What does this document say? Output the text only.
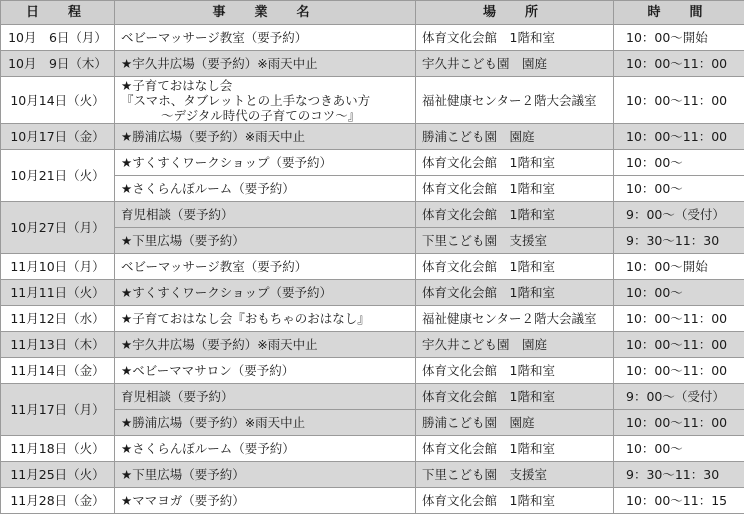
日　程	事　業　名	場　所	時　間
10月　6日（月）	ベビーマッサージ教室（要予約）	体育文化会館　1階和室	10：00～開始
10月　9日（木）	★宇久井広場（要予約）※雨天中止	宇久井こども園　園庭	10：00～11：00
10月14日（火）	★子育ておはなし会
『スマホ、タブレットとの上手なつきあい方
～デジタル時代の子育てのコツ～』	福祉健康センター２階大会議室	10：00～11：00
10月17日（金）	★勝浦広場（要予約）※雨天中止	勝浦こども園　園庭	10：00～11：00
10月21日（火）	★すくすくワークショップ（要予約）	体育文化会館　1階和室	10：00～
	★さくらんぼルーム（要予約）	体育文化会館　1階和室	10：00～
10月27日（月）	育児相談（要予約）	体育文化会館　1階和室	9：00～（受付）
	★下里広場（要予約）	下里こども園　支援室	9：30～11：30
11月10日（月）	ベビーマッサージ教室（要予約）	体育文化会館　1階和室	10：00～開始
11月11日（火）	★すくすくワークショップ（要予約）	体育文化会館　1階和室	10：00～
11月12日（水）	★子育ておはなし会『おもちゃのおはなし』	福祉健康センター２階大会議室	10：00～11：00
11月13日（木）	★宇久井広場（要予約）※雨天中止	宇久井こども園　園庭	10：00～11：00
11月14日（金）	★ベビーママサロン（要予約）	体育文化会館　1階和室	10：00～11：00
11月17日（月）	育児相談（要予約）	体育文化会館　1階和室	9：00～（受付）
	★勝浦広場（要予約）※雨天中止	勝浦こども園　園庭	10：00～11：00
11月18日（火）	★さくらんぼルーム（要予約）	体育文化会館　1階和室	10：00～
11月25日（火）	★下里広場（要予約）	下里こども園　支援室	9：30～11：30
11月28日（金）	★ママヨガ（要予約）	体育文化会館　1階和室	10：00～11：15
